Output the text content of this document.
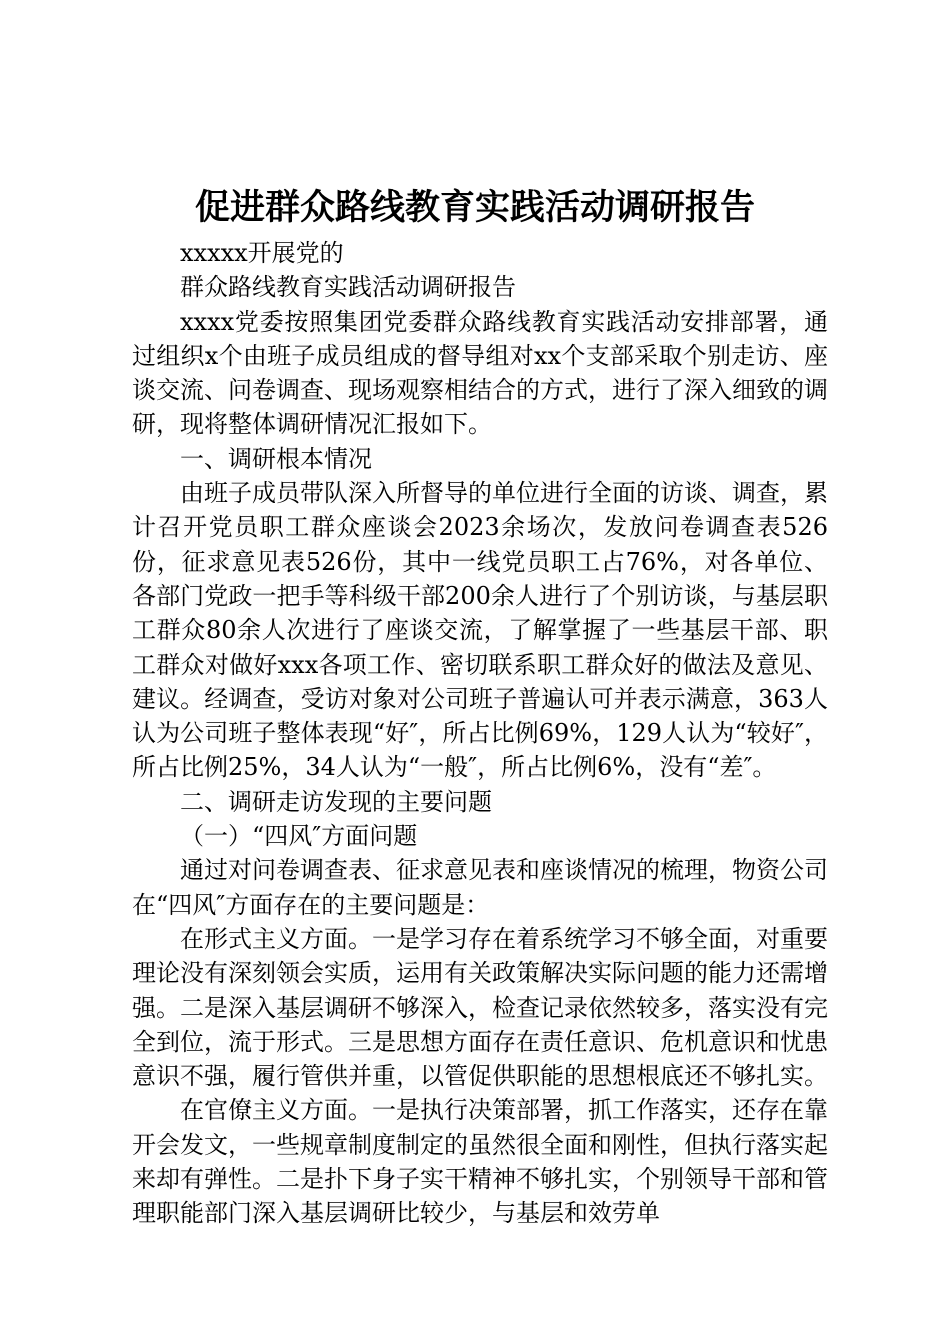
促进群众路线教育实践活动调研报告

xxxxx开展党的

群众路线教育实践活动调研报告

xxxx党委按照集团党委群众路线教育实践活动安排部署，通过组织x个由班子成员组成的督导组对xx个支部采取个别走访、座谈交流、问卷调查、现场观察相结合的方式，进行了深入细致的调研，现将整体调研情况汇报如下。

一、调研根本情况

由班子成员带队深入所督导的单位进行全面的访谈、调查，累计召开党员职工群众座谈会2023余场次，发放问卷调查表526份，征求意见表526份，其中一线党员职工占76%，对各单位、各部门党政一把手等科级干部200余人进行了个别访谈，与基层职工群众80余人次进行了座谈交流，了解掌握了一些基层干部、职工群众对做好xxx各项工作、密切联系职工群众好的做法及意见、建议。经调查，受访对象对公司班子普遍认可并表示满意，363人认为公司班子整体表现“好″，所占比例69%，129人认为“较好″，所占比例25%，34人认为“一般″，所占比例6%，没有“差″。

二、调研走访发现的主要问题

（一）“四风″方面问题

通过对问卷调查表、征求意见表和座谈情况的梳理，物资公司在“四风″方面存在的主要问题是：

在形式主义方面。一是学习存在着系统学习不够全面，对重要理论没有深刻领会实质，运用有关政策解决实际问题的能力还需增强。二是深入基层调研不够深入，检查记录依然较多，落实没有完全到位，流于形式。三是思想方面存在责任意识、危机意识和忧患意识不强，履行管供并重，以管促供职能的思想根底还不够扎实。

在官僚主义方面。一是执行决策部署，抓工作落实，还存在靠开会发文，一些规章制度制定的虽然很全面和刚性，但执行落实起来却有弹性。二是扑下身子实干精神不够扎实，个别领导干部和管理职能部门深入基层调研比较少，与基层和效劳单
